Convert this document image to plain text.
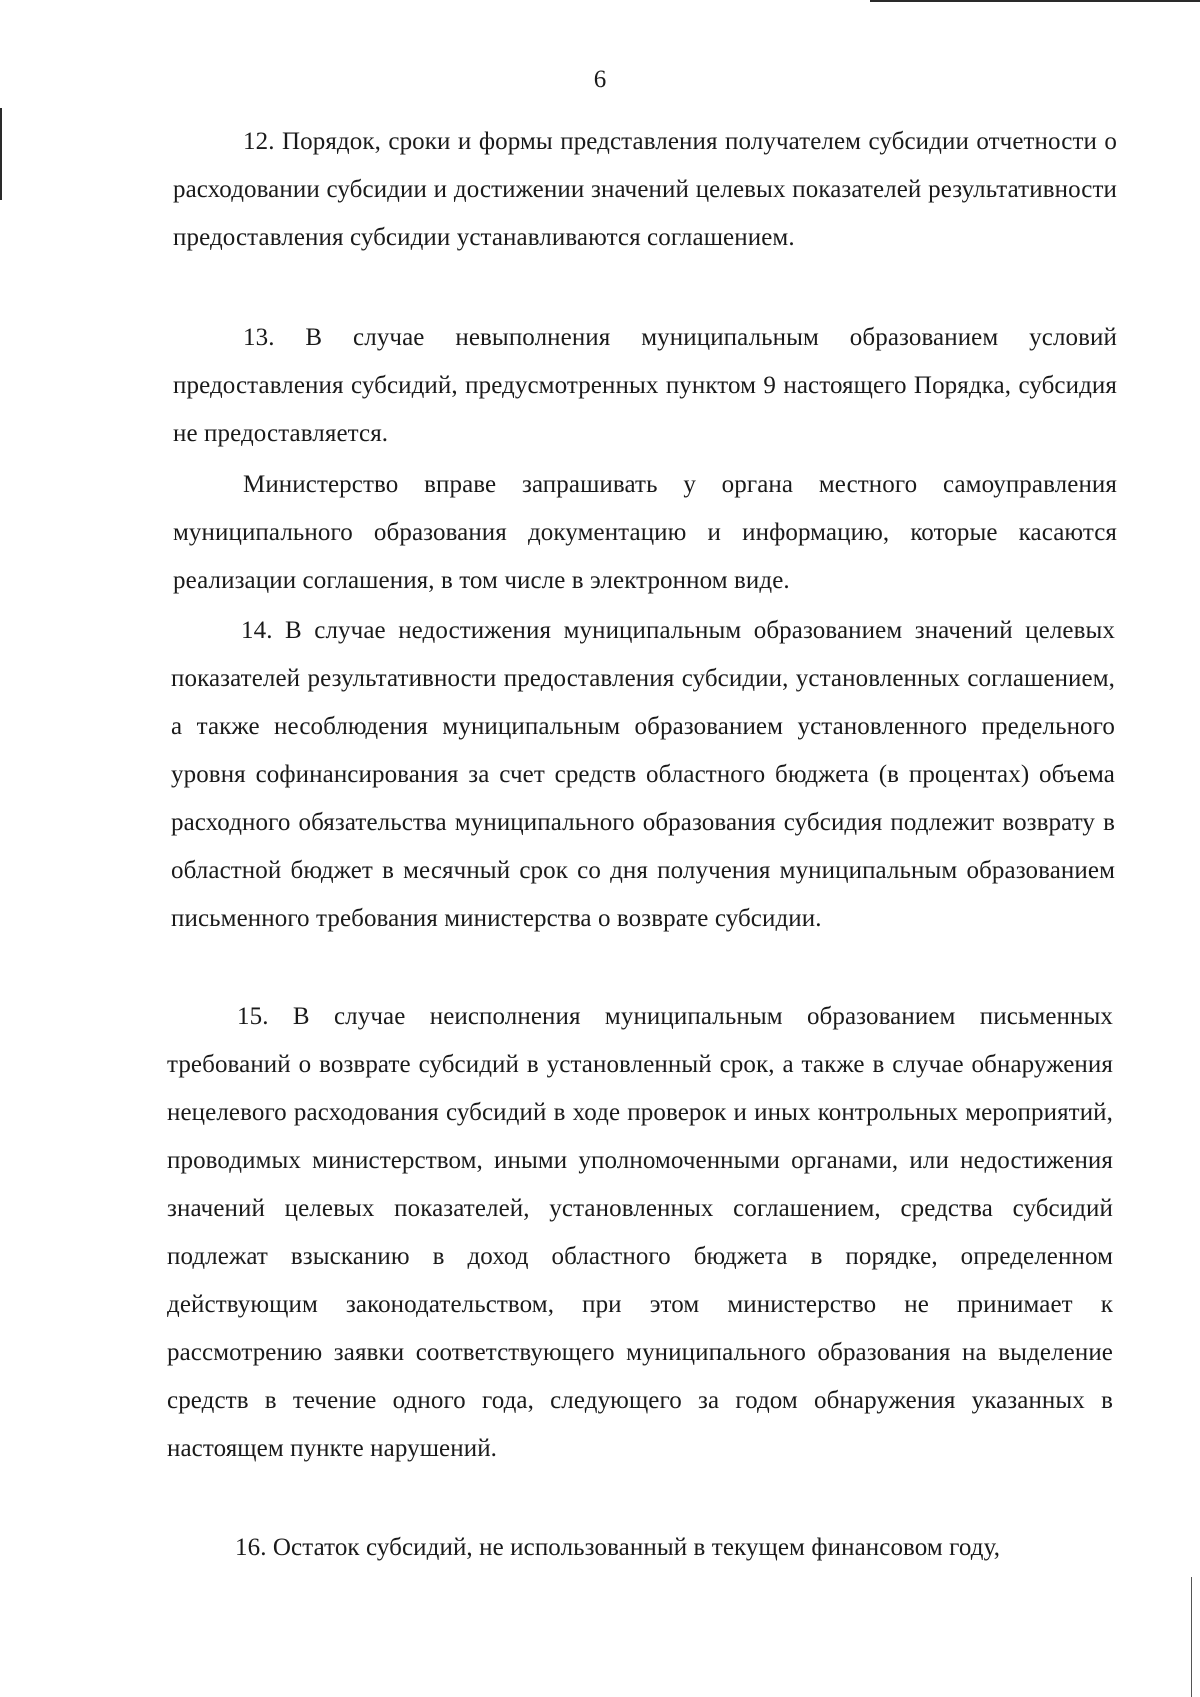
6

12. Порядок, сроки и формы представления получателем субсидии отчетности о расходовании субсидии и достижении значений целевых показателей результативности предоставления субсидии устанавливаются соглашением.

13. В случае невыполнения муниципальным образованием условий предоставления субсидий, предусмотренных пунктом 9 настоящего Порядка, субсидия не предоставляется.

Министерство вправе запрашивать у органа местного самоуправления муниципального образования документацию и информацию, которые касаются реализации соглашения, в том числе в электронном виде.

14. В случае недостижения муниципальным образованием значений целевых показателей результативности предоставления субсидии, установленных соглашением, а также несоблюдения муниципальным образованием установленного предельного уровня софинансирования за счет средств областного бюджета (в процентах) объема расходного обязательства муниципального образования субсидия подлежит возврату в областной бюджет в месячный срок со дня получения муниципальным образованием письменного требования министерства о возврате субсидии.

15. В случае неисполнения муниципальным образованием письменных требований о возврате субсидий в установленный срок, а также в случае обнаружения нецелевого расходования субсидий в ходе проверок и иных контрольных мероприятий, проводимых министерством, иными уполномоченными органами, или недостижения значений целевых показателей, установленных соглашением, средства субсидий подлежат взысканию в доход областного бюджета в порядке, определенном действующим законодательством, при этом министерство не принимает к рассмотрению заявки соответствующего муниципального образования на выделение средств в течение одного года, следующего за годом обнаружения указанных в настоящем пункте нарушений.

16. Остаток субсидий, не использованный в текущем финансовом году,
